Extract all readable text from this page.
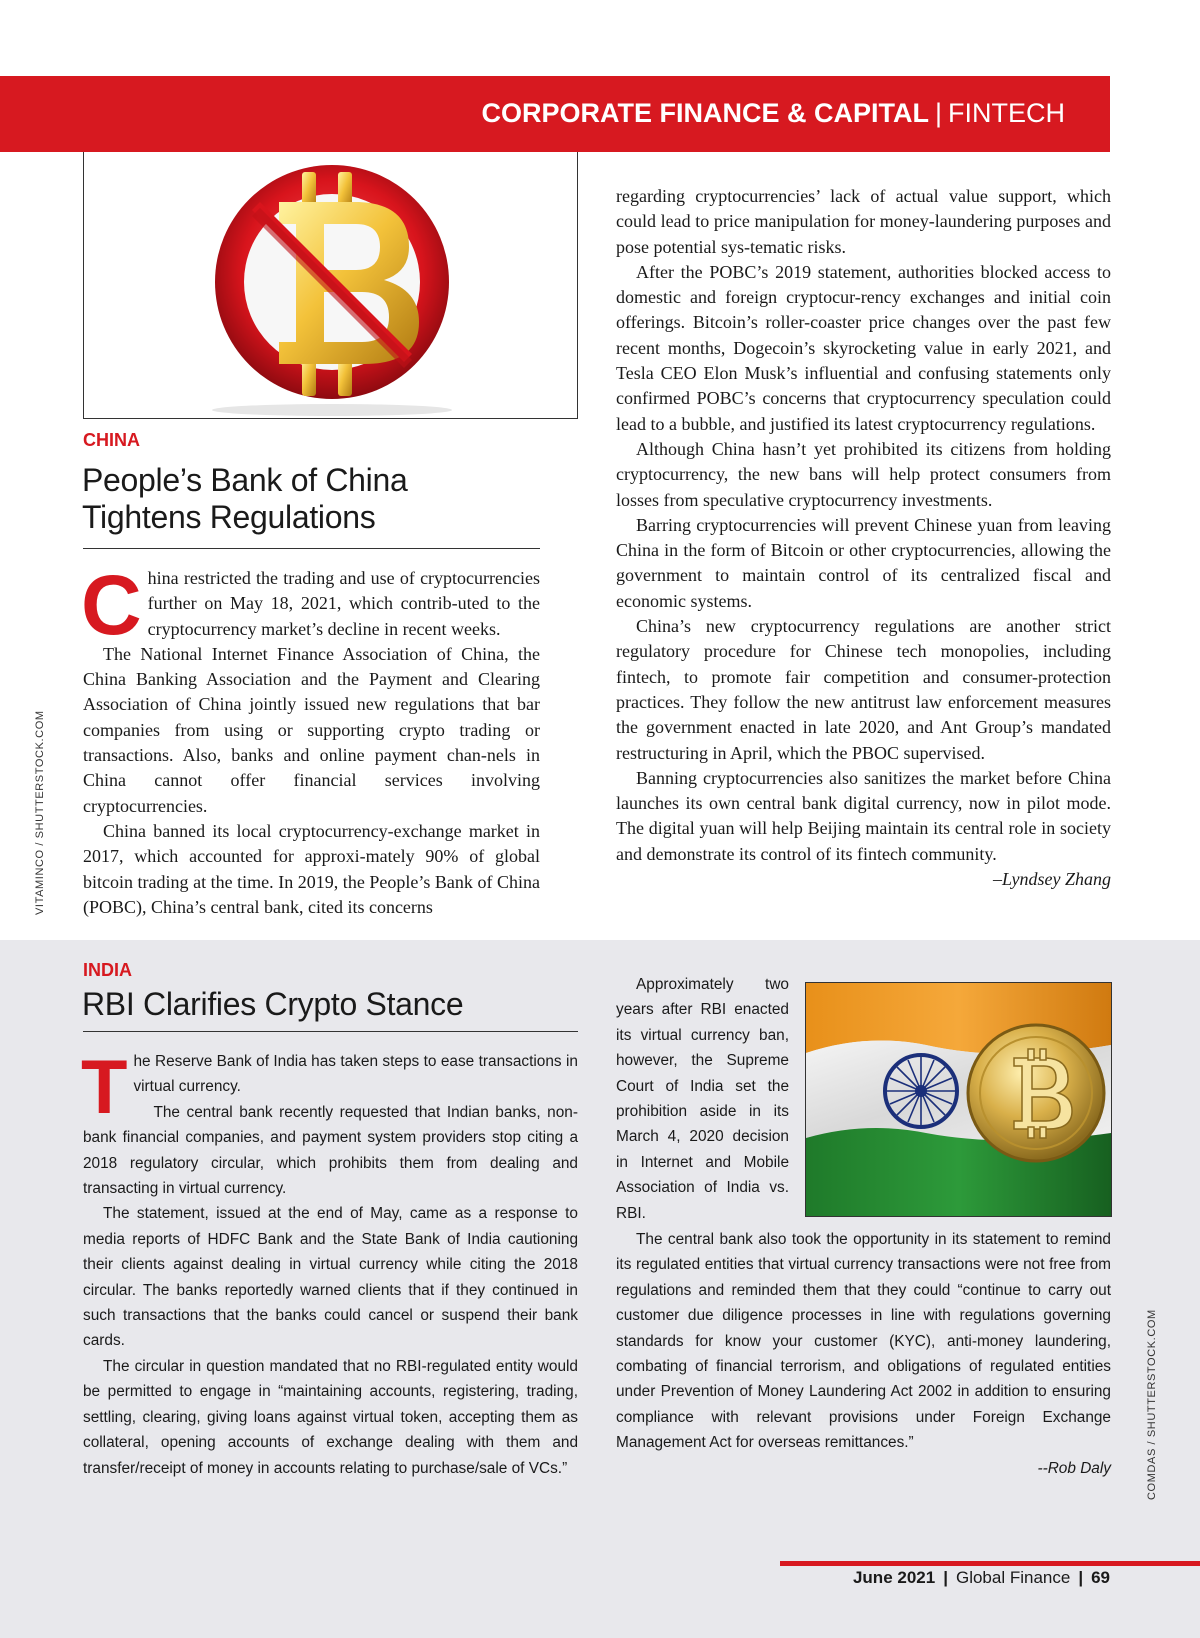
CORPORATE FINANCE & CAPITAL | FINTECH
CHINA
People’s Bank of China
Tightens Regulations

China restricted the trading and use of cryptocurrencies further on May 18, 2021, which contrib-uted to the cryptocurrency market’s decline in recent weeks.

The National Internet Finance Association of China, the China Banking Association and the Payment and Clearing Association of China jointly issued new regulations that bar companies from using or supporting crypto trading or transactions. Also, banks and online payment chan-nels in China cannot offer financial services involving cryptocurrencies.

China banned its local cryptocurrency-exchange market in 2017, which accounted for approxi-mately 90% of global bitcoin trading at the time. In 2019, the People’s Bank of China (POBC), China’s central bank, cited its concerns

regarding cryptocurrencies’ lack of actual value support, which could lead to price manipulation for money-laundering purposes and pose potential sys-tematic risks.

After the POBC’s 2019 statement, authorities blocked access to domestic and foreign cryptocur-rency exchanges and initial coin offerings. Bitcoin’s roller-coaster price changes over the past few recent months, Dogecoin’s skyrocketing value in early 2021, and Tesla CEO Elon Musk’s influential and confusing statements only confirmed POBC’s concerns that cryptocurrency speculation could lead to a bubble, and justified its latest cryptocurrency regulations.

Although China hasn’t yet prohibited its citizens from holding cryptocurrency, the new bans will help protect consumers from losses from speculative cryptocurrency investments.

Barring cryptocurrencies will prevent Chinese yuan from leaving China in the form of Bitcoin or other cryptocurrencies, allowing the government to maintain control of its centralized fiscal and economic systems.

China’s new cryptocurrency regulations are another strict regulatory procedure for Chinese tech monopolies, including fintech, to promote fair competition and consumer-protection practices. They follow the new antitrust law enforcement measures the government enacted in late 2020, and Ant Group’s mandated restructuring in April, which the PBOC supervised.

Banning cryptocurrencies also sanitizes the market before China launches its own central bank digital currency, now in pilot mode. The digital yuan will help Beijing maintain its central role in society and demonstrate its control of its fintech community.

–Lyndsey Zhang
VITAMINCO / SHUTTERSTOCK.COM
INDIA
RBI Clarifies Crypto Stance

The Reserve Bank of India has taken steps to ease transactions in virtual currency.

The central bank recently requested that Indian banks, non-bank financial companies, and payment system providers stop citing a 2018 regulatory circular, which prohibits them from dealing and transacting in virtual currency.

The statement, issued at the end of May, came as a response to media reports of HDFC Bank and the State Bank of India cautioning their clients against dealing in virtual currency while citing the 2018 circular. The banks reportedly warned clients that if they continued in such transactions that the banks could cancel or suspend their bank cards.

The circular in question mandated that no RBI-regulated entity would be permitted to engage in “maintaining accounts, registering, trading, settling, clearing, giving loans against virtual token, accepting them as collateral, opening accounts of exchange dealing with them and transfer/receipt of money in accounts relating to purchase/sale of VCs.”

Approximately two years after RBI enacted its virtual currency ban, however, the Supreme Court of India set the prohibition aside in its March 4, 2020 decision in Internet and Mobile Association of India vs. RBI.

The central bank also took the opportunity in its statement to remind its regulated entities that virtual currency transactions were not free from regulations and reminded them that they could “continue to carry out customer due diligence processes in line with regulations governing standards for know your customer (KYC), anti-money laundering, combating of financial terrorism, and obligations of regulated entities under Prevention of Money Laundering Act 2002 in addition to ensuring compliance with relevant provisions under Foreign Exchange Management Act for overseas remittances.”

--Rob Daly	COMDAS / SHUTTERSTOCK.COM
June 2021 | Global Finance | 69
